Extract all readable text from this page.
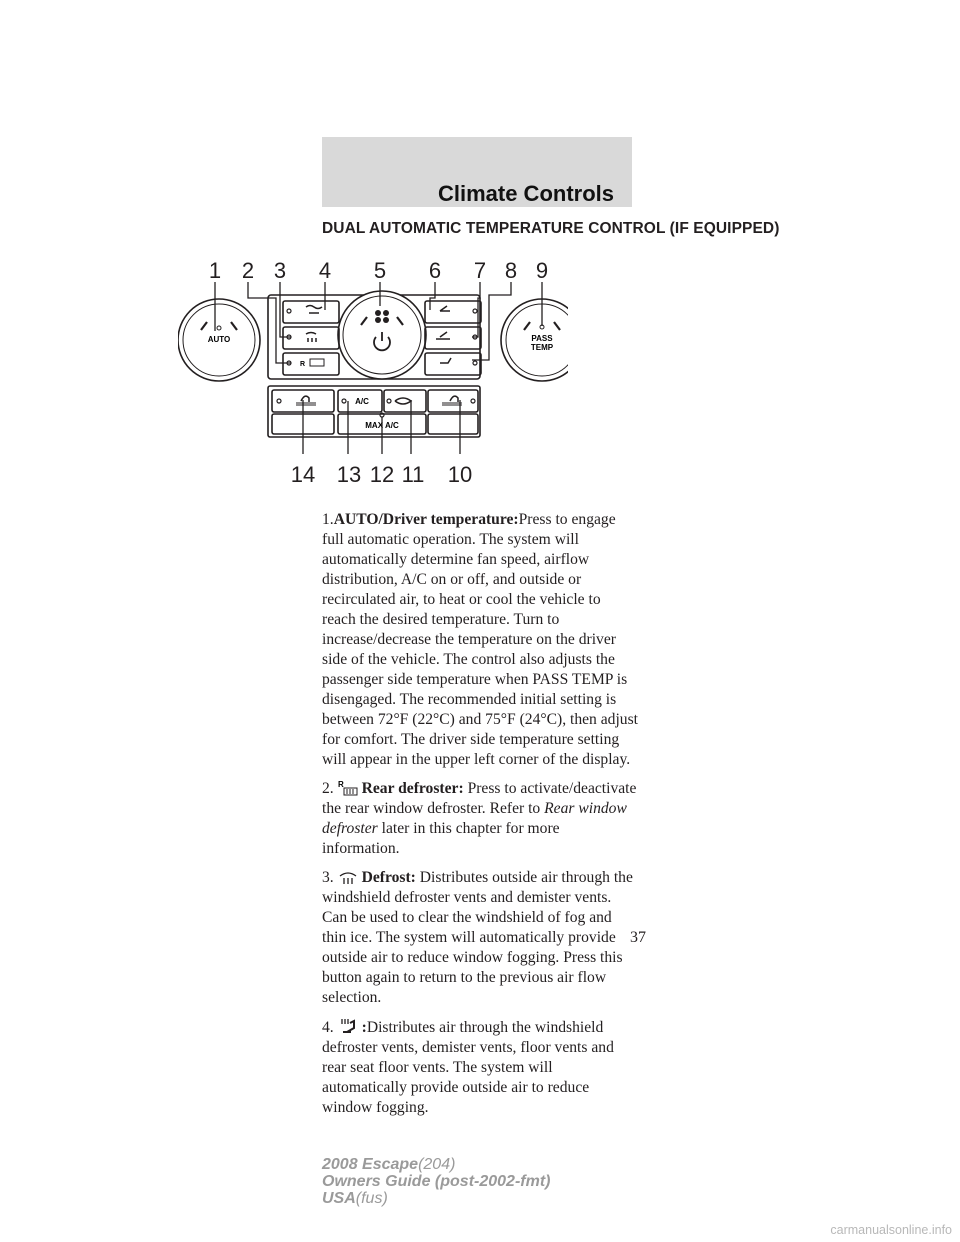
Climate Controls
DUAL AUTOMATIC TEMPERATURE CONTROL (IF EQUIPPED)
AUTO	PASS
TEMP
R
A/C
MAX A/C
1 2 3 4 5 6 7 8 9
10
11
12
13
14

1.AUTO/Driver temperature:Press to engage full automatic operation. The system will automatically determine fan speed, airflow distribution, A/C on or off, and outside or recirculated air, to heat or cool the vehicle to reach the desired temperature. Turn to increase/decrease the temperature on the driver side of the vehicle. The control also adjusts the passenger side temperature when PASS TEMP is disengaged. The recommended initial setting is between 72°F (22°C) and 75°F (24°C), then adjust for comfort. The driver side temperature setting will appear in the upper left corner of the display.

2. R Rear defroster: Press to activate/deactivate the rear window defroster. Refer to Rear window defroster later in this chapter for more information.

3. Defrost: Distributes outside air through the windshield defroster vents and demister vents. Can be used to clear the windshield of fog and thin ice. The system will automatically provide outside air to reduce window fogging. Press this button again to return to the previous air flow selection.

4. :Distributes air through the windshield defroster vents, demister vents, floor vents and rear seat floor vents. The system will automatically provide outside air to reduce window fogging.

37
2008 Escape(204)
Owners Guide (post-2002-fmt)
USA(fus)
carmanualsonline.info
